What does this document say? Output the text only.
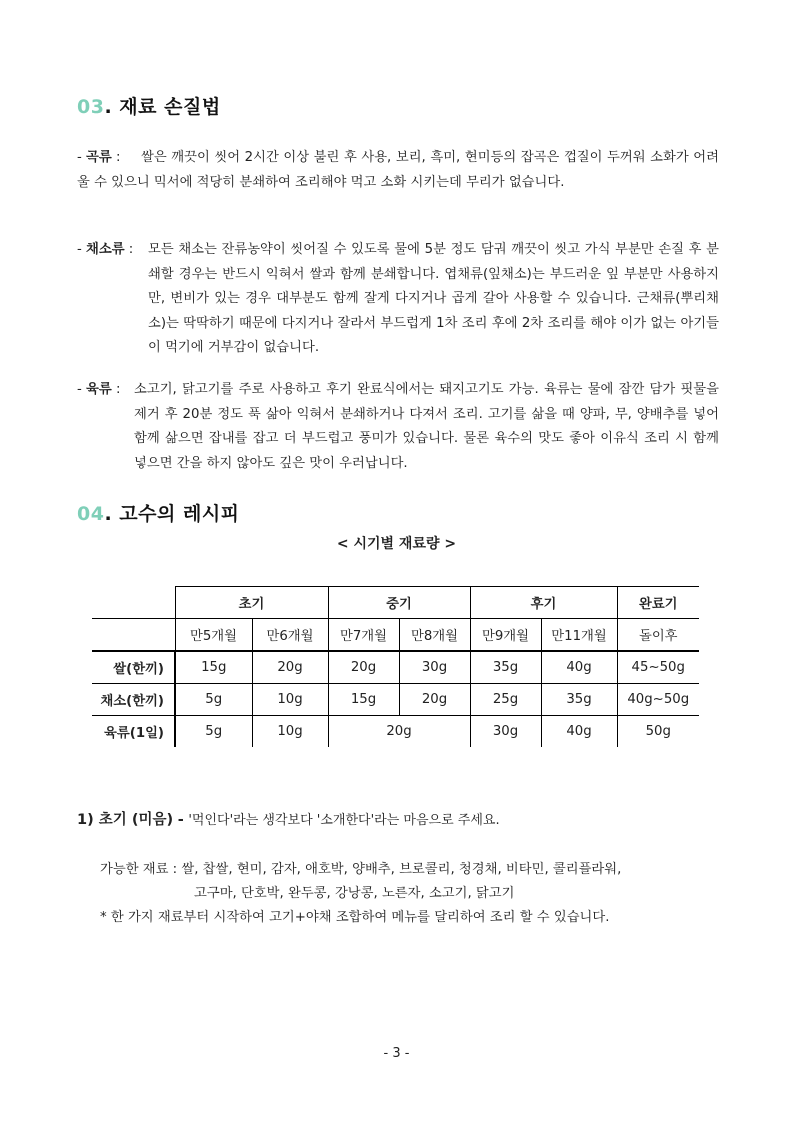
03. 재료 손질법
- 곡류 :	쌀은 깨끗이 씻어 2시간 이상 불린 후 사용, 보리, 흑미, 현미등의 잡곡은 껍질이 두꺼워 소화가 어려울 수 있으니 믹서에 적당히 분쇄하여 조리해야 먹고 소화 시키는데 무리가 없습니다.
- 채소류 :	모든 채소는 잔류농약이 씻어질 수 있도록 물에 5분 정도 담궈 깨끗이 씻고 가식 부분만 손질 후 분쇄할 경우는 반드시 익혀서 쌀과 함께 분쇄합니다. 엽채류(잎채소)는 부드러운 잎 부분만 사용하지만, 변비가 있는 경우 대부분도 함께 잘게 다지거나 곱게 갈아 사용할 수 있습니다. 근채류(뿌리채소)는 딱딱하기 때문에 다지거나 잘라서 부드럽게 1차 조리 후에 2차 조리를 해야 이가 없는 아기들이 먹기에 거부감이 없습니다.
- 육류 :	소고기, 닭고기를 주로 사용하고 후기 완료식에서는 돼지고기도 가능. 육류는 물에 잠깐 담가 핏물을 제거 후 20분 정도 푹 삶아 익혀서 분쇄하거나 다져서 조리. 고기를 삶을 때 양파, 무, 양배추를 넣어 함께 삶으면 잡내를 잡고 더 부드럽고 풍미가 있습니다. 물론 육수의 맛도 좋아 이유식 조리 시 함께 넣으면 간을 하지 않아도 깊은 맛이 우러납니다.
04. 고수의 레시피
< 시기별 재료량 >
	초기		중기		후기		완료기
	만5개월	만6개월	만7개월	만8개월	만9개월	만11개월	돌이후
쌀(한끼)	15g	20g	20g	30g	35g	40g	45~50g
채소(한끼)	5g	10g	15g	20g	25g	35g	40g~50g
육류(1일)	5g	10g	20g		30g	40g	50g
1) 초기 (미음) - '먹인다'라는 생각보다 '소개한다'라는 마음으로 주세요.
가능한 재료 : 쌀, 찹쌀, 현미, 감자, 애호박, 양배추, 브로콜리, 청경채, 비타민, 콜리플라워,
고구마, 단호박, 완두콩, 강낭콩, 노른자, 소고기, 닭고기
* 한 가지 재료부터 시작하여 고기+야채 조합하여 메뉴를 달리하여 조리 할 수 있습니다.
- 3 -
